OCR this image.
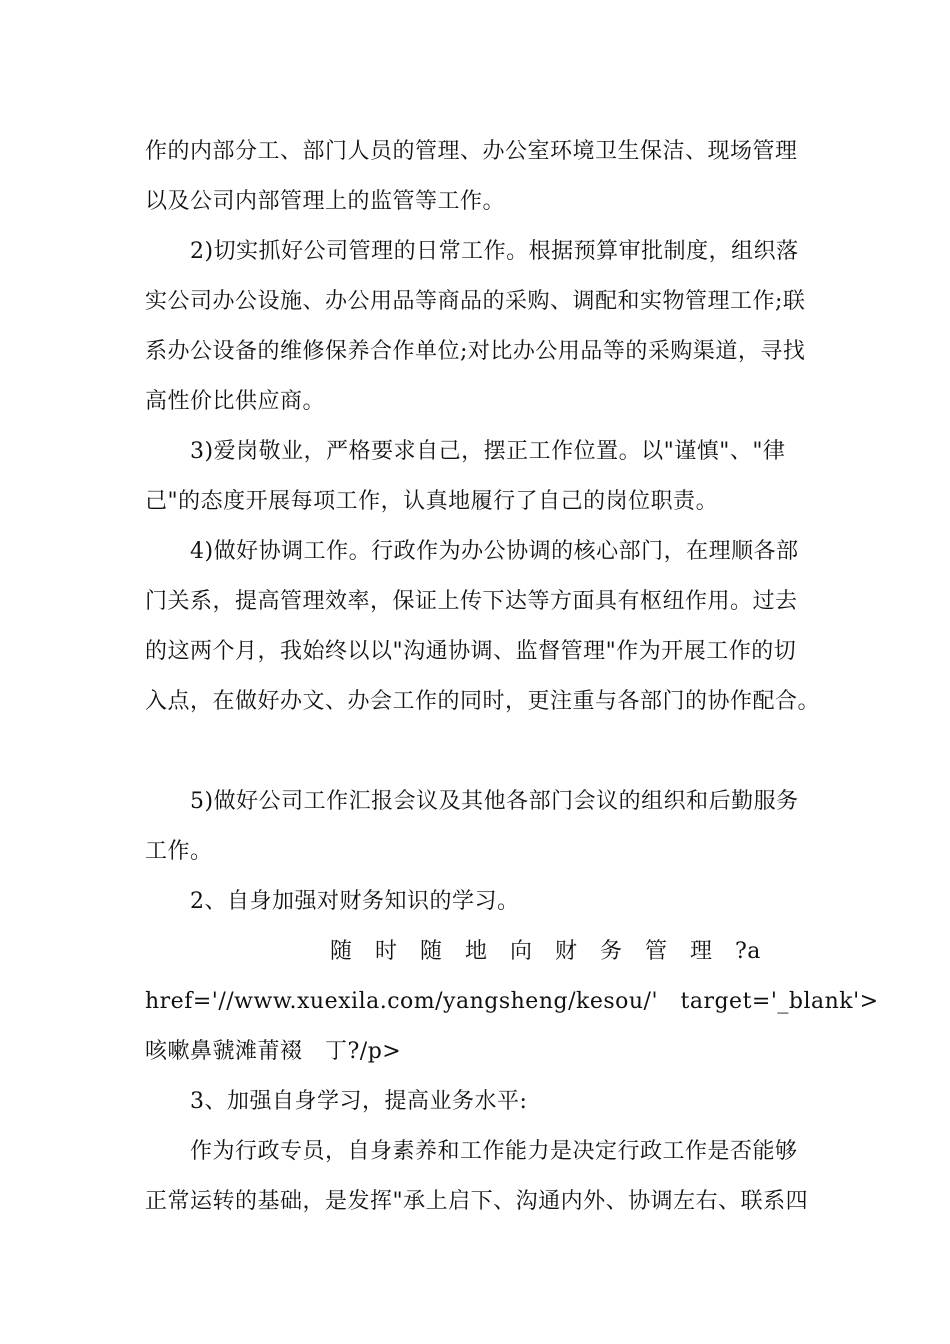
作的内部分工、部门人员的管理、办公室环境卫生保洁、现场管理
以及公司内部管理上的监管等工作。
2)切实抓好公司管理的日常工作。根据预算审批制度，组织落
实公司办公设施、办公用品等商品的采购、调配和实物管理工作;联
系办公设备的维修保养合作单位;对比办公用品等的采购渠道，寻找
高性价比供应商。
3)爱岗敬业，严格要求自己，摆正工作位置。以"谨慎"、"律
己"的态度开展每项工作，认真地履行了自己的岗位职责。
4)做好协调工作。行政作为办公协调的核心部门，在理顺各部
门关系，提高管理效率，保证上传下达等方面具有枢纽作用。过去
的这两个月，我始终以以"沟通协调、监督管理"作为开展工作的切
入点，在做好办文、办会工作的同时，更注重与各部门的协作配合。
5)做好公司工作汇报会议及其他各部门会议的组织和后勤服务
工作。
2、自身加强对财务知识的学习。
随　时　随　地　向　财　务　管　理　?a
href='//www.xuexila.com/yangsheng/kesou/'   target='_blank'>
咳嗽鼻虢滩莆裰　丁?/p>
3、加强自身学习，提高业务水平:
作为行政专员，自身素养和工作能力是决定行政工作是否能够
正常运转的基础，是发挥"承上启下、沟通内外、协调左右、联系四
